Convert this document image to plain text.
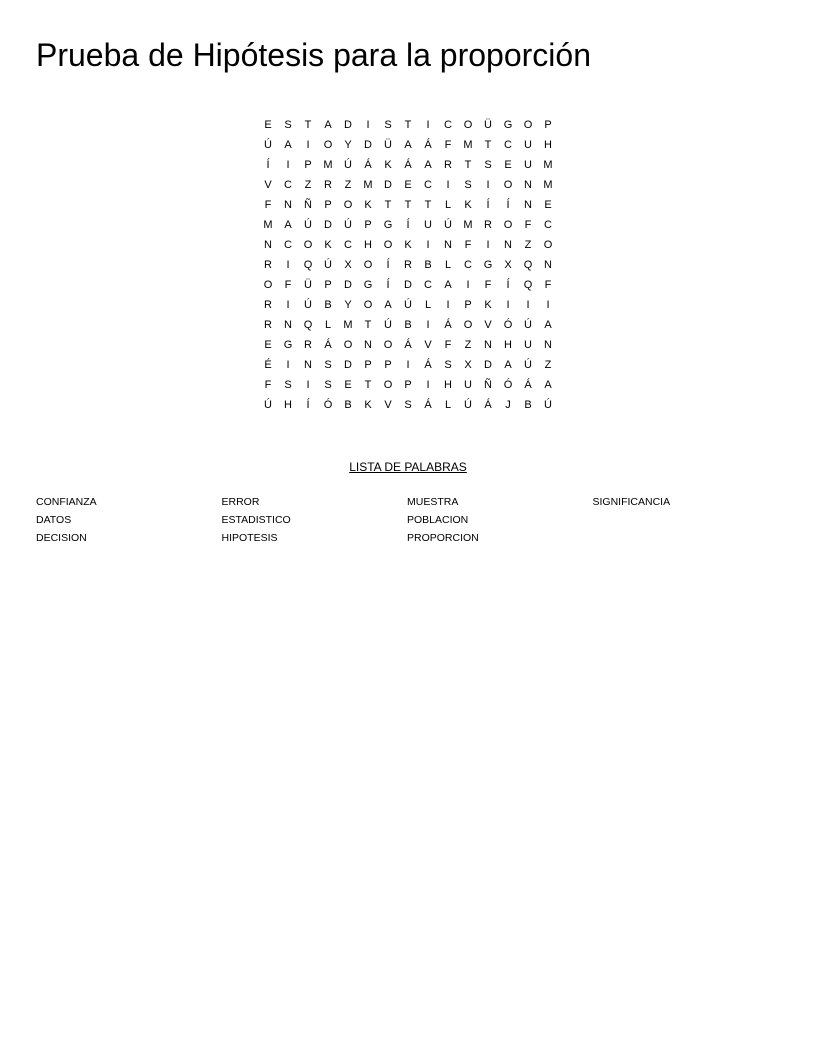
Prueba de Hipótesis para la proporción
E	S	T	A	D	I	S	T	I	C	O	Ü	G	O	P
Ú	A	I	O	Y	D	Ü	A	Á	F	M	T	C	U	H
Í	I	P	M	Ú	Á	K	Á	A	R	T	S	E	U	M
V	C	Z	R	Z	M	D	E	C	I	S	I	O	N	M
F	N	Ñ	P	O	K	T	T	T	L	K	Í	Í	N	E
M	A	Ú	D	Ú	P	G	Í	U	Ú	M	R	O	F	C
N	C	O	K	C	H	O	K	I	N	F	I	N	Z	O
R	I	Q	Ú	X	O	Í	R	B	L	C	G	X	Q	N
O	F	Ü	P	D	G	Í	D	C	A	I	F	Í	Q	F
R	I	Ú	B	Y	O	A	Ú	L	I	P	K	I	I	I
R	N	Q	L	M	T	Ú	B	I	Á	O	V	Ó	Ú	A
E	G	R	Á	O	N	O	Á	V	F	Z	N	H	U	N
É	I	N	S	D	P	P	I	Á	S	X	D	A	Ú	Z
F	S	I	S	E	T	O	P	I	H	U	Ñ	Ó	Á	A
Ú	H	Í	Ó	B	K	V	S	Á	L	Ú	Á	J	B	Ú
LISTA DE PALABRAS
CONFIANZA
DATOS
DECISION
ERROR
ESTADISTICO
HIPOTESIS
MUESTRA
POBLACION
PROPORCION
SIGNIFICANCIA
